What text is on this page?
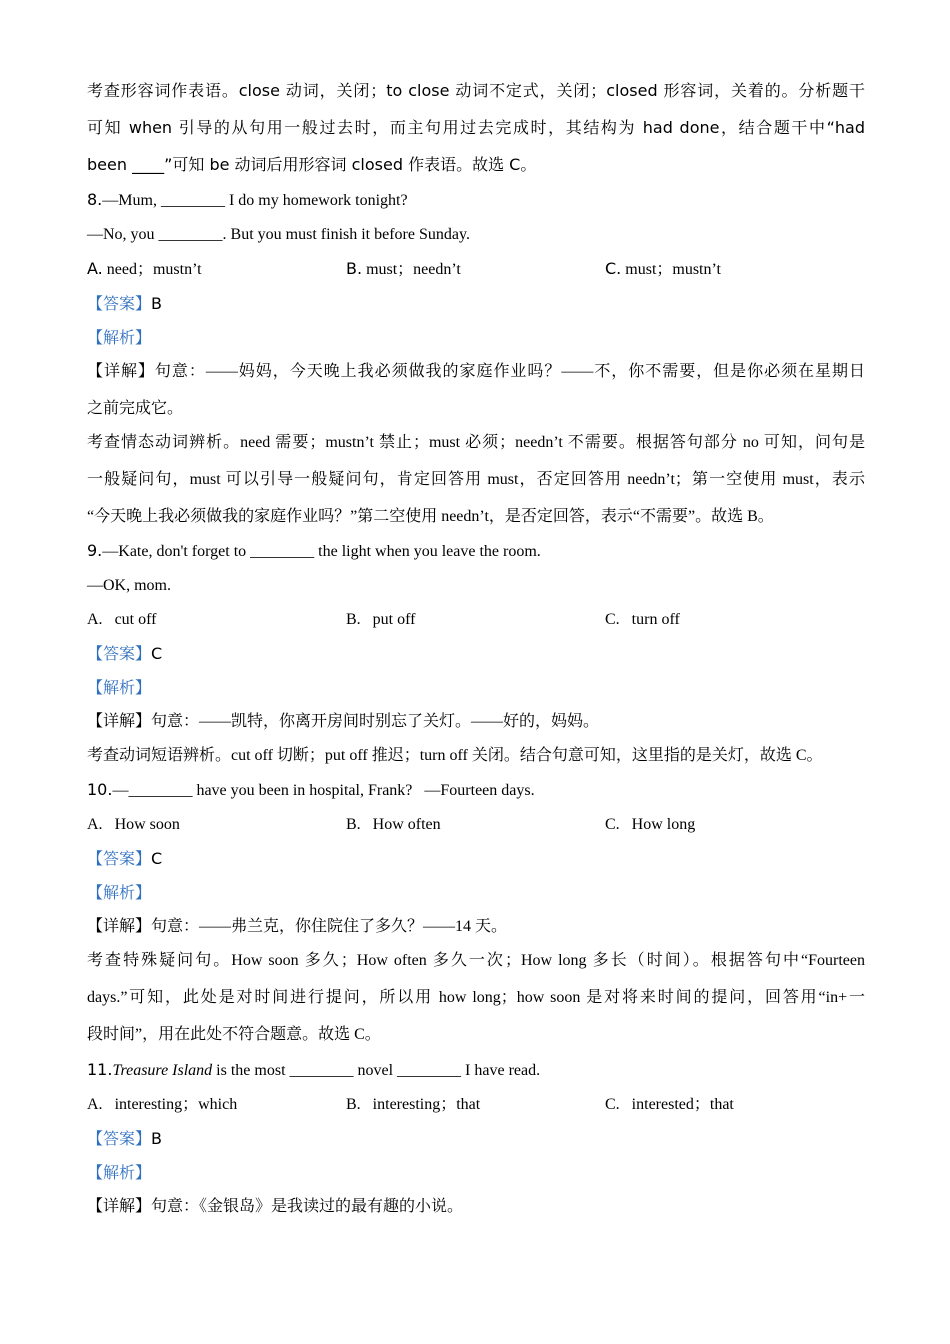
考查形容词作表语。close 动词，关闭；to close 动词不定式，关闭；closed 形容词，关着的。分析题干
可知 when 引导的从句用一般过去时，而主句用过去完成时，其结构为 had done，结合题干中“had
been ____”可知 be 动词后用形容词 closed 作表语。故选 C。
8.—Mum, ________ I do my homework tonight?
—No, you ________. But you must finish it before Sunday.
A. need；mustn’t	B. must；needn’t	C. must；mustn’t
【答案】B
【解析】
【详解】句意：——妈妈，今天晚上我必须做我的家庭作业吗？——不，你不需要，但是你必须在星期日
之前完成它。
考查情态动词辨析。need 需要；mustn’t 禁止；must 必须；needn’t 不需要。根据答句部分 no 可知，问句是
一般疑问句，must 可以引导一般疑问句，肯定回答用 must，否定回答用 needn’t；第一空使用 must，表示
“今天晚上我必须做我的家庭作业吗？”第二空使用 needn’t，是否定回答，表示“不需要”。故选 B。
9.—Kate, don't forget to ________ the light when you leave the room.
—OK, mom.
A. cut off	B. put off	C. turn off
【答案】C
【解析】
【详解】句意：——凯特，你离开房间时别忘了关灯。——好的，妈妈。
考查动词短语辨析。cut off 切断；put off 推迟；turn off 关闭。结合句意可知，这里指的是关灯，故选 C。
10.—________ have you been in hospital, Frank?   —Fourteen days.
A. How soon	B. How often	C. How long
【答案】C
【解析】
【详解】句意：——弗兰克，你住院住了多久？——14 天。
考查特殊疑问句。How soon 多久；How often 多久一次；How long 多长（时间）。根据答句中“Fourteen
days.”可知，此处是对时间进行提问，所以用 how long；how soon 是对将来时间的提问，回答用“in+一
段时间”，用在此处不符合题意。故选 C。
11.Treasure Island is the most ________ novel ________ I have read.
A. interesting；which	B. interesting；that	C. interested；that
【答案】B
【解析】
【详解】句意：《金银岛》是我读过的最有趣的小说。
